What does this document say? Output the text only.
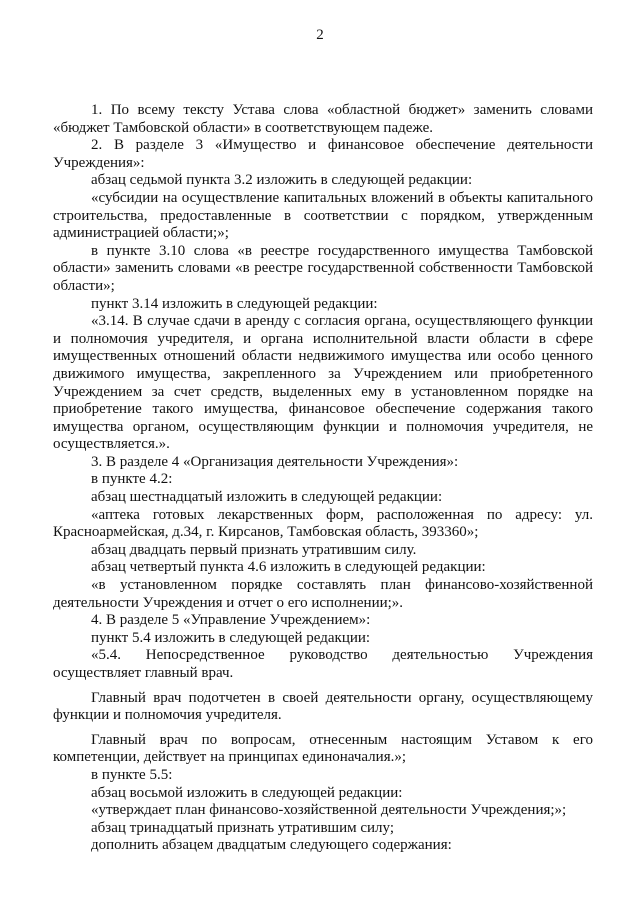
2

1. По всему тексту Устава слова «областной бюджет» заменить словами «бюджет Тамбовской области» в соответствующем падеже.

2. В разделе 3 «Имущество и финансовое обеспечение деятельности Учреждения»:

абзац седьмой пункта 3.2 изложить в следующей редакции:

«субсидии на осуществление капитальных вложений в объекты капитального строительства, предоставленные в соответствии с порядком, утвержденным администрацией области;»;

в пункте 3.10 слова «в реестре государственного имущества Тамбовской области» заменить словами «в реестре государственной собственности Тамбовской области»;

пункт 3.14 изложить в следующей редакции:

«3.14. В случае сдачи в аренду с согласия органа, осуществляющего функции и полномочия учредителя, и органа исполнительной власти области в сфере имущественных отношений области недвижимого имущества или особо ценного движимого имущества, закрепленного за Учреждением или приобретенного Учреждением за счет средств, выделенных ему в установленном порядке на приобретение такого имущества, финансовое обеспечение содержания такого имущества органом, осуществляющим функции и полномочия учредителя, не осуществляется.».

3. В разделе 4 «Организация деятельности Учреждения»:

в пункте 4.2:

абзац шестнадцатый изложить в следующей редакции:

«аптека готовых лекарственных форм, расположенная по адресу: ул. Красноармейская, д.34, г. Кирсанов, Тамбовская область, 393360»;

абзац двадцать первый признать утратившим силу.

абзац четвертый пункта 4.6 изложить в следующей редакции:

«в установленном порядке составлять план финансово-хозяйственной деятельности Учреждения и отчет о его исполнении;».

4. В разделе 5 «Управление Учреждением»:

пункт 5.4 изложить в следующей редакции:

«5.4. Непосредственное руководство деятельностью Учреждения осуществляет главный врач.

Главный врач подотчетен в своей деятельности органу, осуществляющему функции и полномочия учредителя.

Главный врач по вопросам, отнесенным настоящим Уставом к его компетенции, действует на принципах единоначалия.»;

в пункте 5.5:

абзац восьмой изложить в следующей редакции:

«утверждает план финансово-хозяйственной деятельности Учреждения;»;

абзац тринадцатый признать утратившим силу;

дополнить абзацем двадцатым следующего содержания:
